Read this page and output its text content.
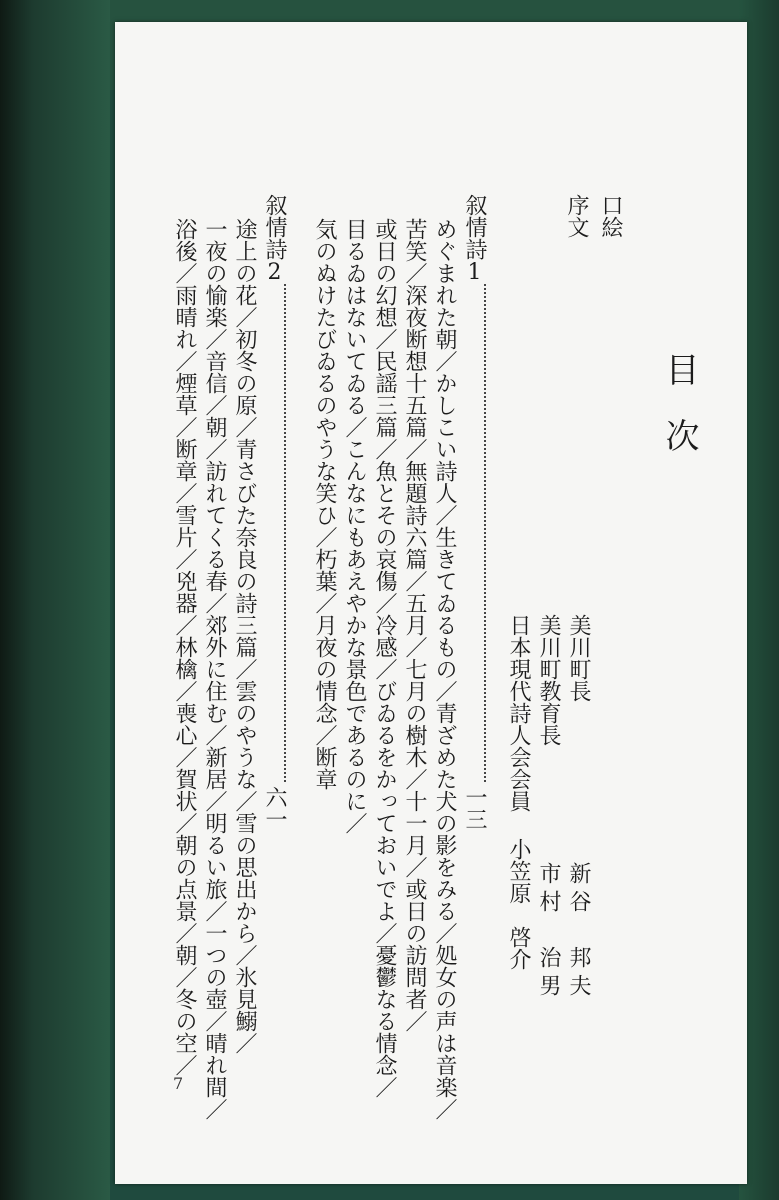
目次
口絵
序文
美川町長
美川町教育長
日本現代詩人会会員
新谷　邦夫
市村　治男
小笠原　啓介
叙情詩1
一三
めぐまれた朝／かしこい詩人／生きてゐるもの／青ざめた犬の影をみる／処女の声は音楽／
苦笑／深夜断想十五篇／無題詩六篇／五月／七月の樹木／十一月／或日の訪問者／
或日の幻想／民謡三篇／魚とその哀傷／冷感／びゐるをかっておいでよ／憂鬱なる情念／
目るゐはないてゐる／こんなにもあえやかな景色であるのに／
気のぬけたびゐるのやうな笑ひ／朽葉／月夜の情念／断章
叙情詩2
六一
途上の花／初冬の原／青さびた奈良の詩三篇／雲のやうな／雪の思出から／氷見鰯／
一夜の愉楽／音信／朝／訪れてくる春／郊外に住む／新居／明るい旅／一つの壺／晴れ間／
浴後／雨晴れ／煙草／断章／雪片／兇器／林檎／喪心／賀状／朝の点景／朝／冬の空／
7
